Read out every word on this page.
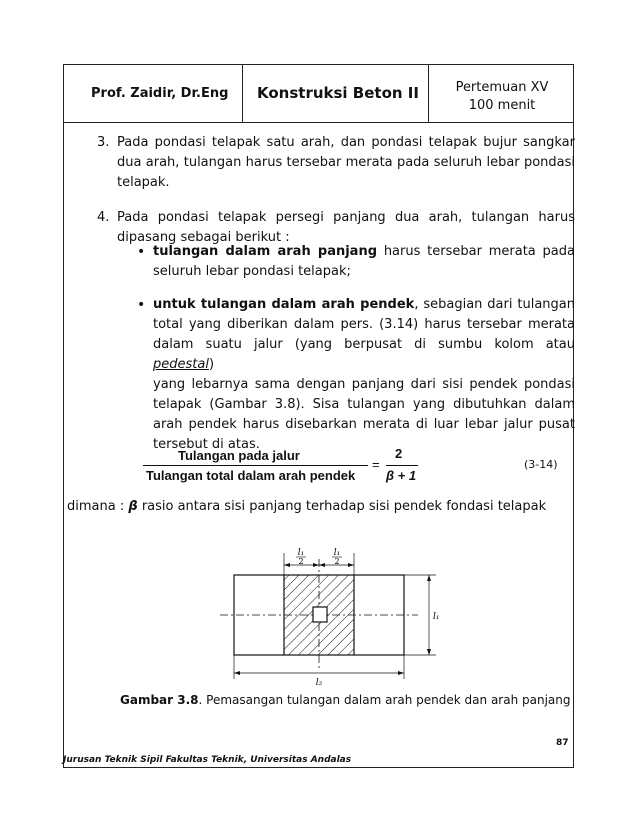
Prof. Zaidir, Dr.Eng Konstruksi Beton II	Pertemuan XV
100 menit
3. Pada pondasi telapak satu arah, dan pondasi telapak bujur sangkar
dua arah, tulangan harus tersebar merata pada seluruh lebar pondasi
telapak.
4. Pada pondasi telapak persegi panjang dua arah, tulangan harus
dipasang sebagai berikut :
• tulangan dalam arah panjang harus tersebar merata pada
seluruh lebar pondasi telapak;
• untuk tulangan dalam arah pendek, sebagian dari tulangan
total yang diberikan dalam pers. (3.14) harus tersebar merata
dalam suatu jalur (yang berpusat di sumbu kolom atau pedestal)
yang lebarnya sama dengan panjang dari sisi pendek pondasi
telapak (Gambar 3.8). Sisa tulangan yang dibutuhkan dalam
arah pendek harus disebarkan merata di luar lebar jalur pusat
tersebut di atas.
Tulangan pada jalur
Tulangan total dalam arah pendek
=
2
β + 1
(3-14)
dimana : β rasio antara sisi panjang terhadap sisi pendek fondasi telapak
l₁
2
l₁
2
l₁
l₂
Gambar 3.8. Pemasangan tulangan dalam arah pendek dan arah panjang
87
Jurusan Teknik Sipil Fakultas Teknik, Universitas Andalas
